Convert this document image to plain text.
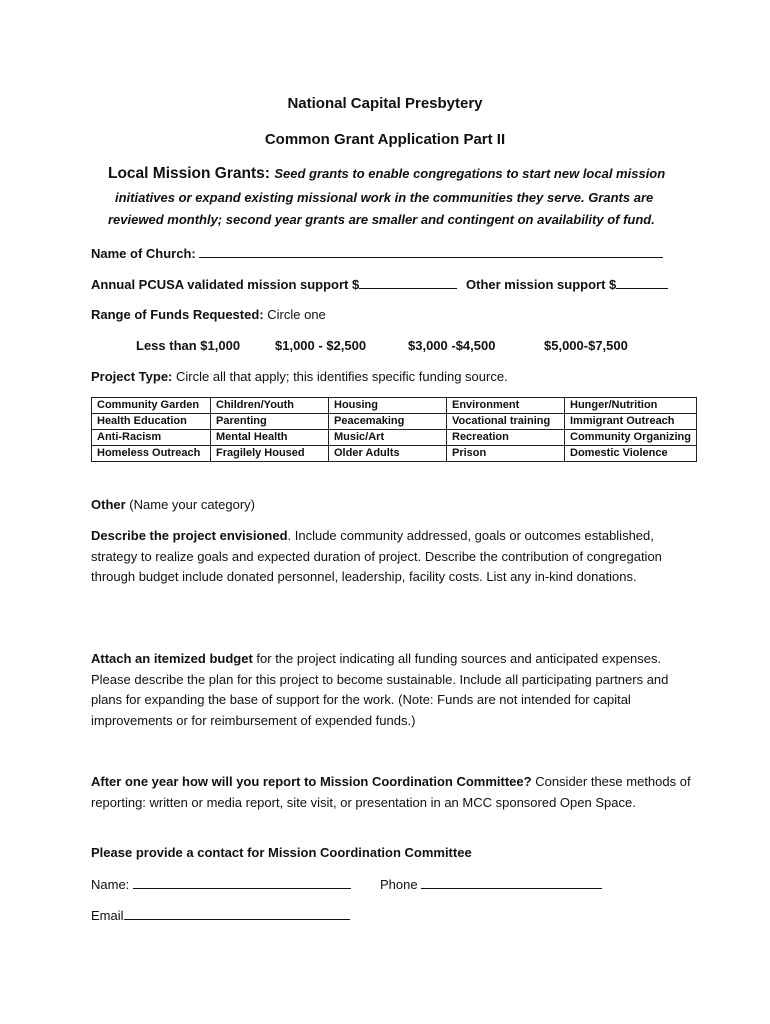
National Capital Presbytery
Common Grant Application Part II
Local Mission Grants: Seed grants to enable congregations to start new local mission
initiatives or expand existing missional work in the communities they serve. Grants are
reviewed monthly; second year grants are smaller and contingent on availability of fund.
Name of Church:
Annual PCUSA validated mission support $	Other mission support $
Range of Funds Requested: Circle one
Less than $1,000	$1,000 - $2,500	$3,000 -$4,500	$5,000-$7,500
Project Type: Circle all that apply; this identifies specific funding source.
Community Garden	Children/Youth	Housing	Environment	Hunger/Nutrition
Health Education	Parenting	Peacemaking	Vocational training	Immigrant Outreach
Anti-Racism	Mental Health	Music/Art	Recreation	Community Organizing
Homeless Outreach	Fragilely Housed	Older Adults	Prison	Domestic Violence
Other (Name your category)
Describe the project envisioned. Include community addressed, goals or outcomes established, strategy to realize goals and expected duration of project. Describe the contribution of congregation through budget include donated personnel, leadership, facility costs. List any in-kind donations.
Attach an itemized budget for the project indicating all funding sources and anticipated expenses. Please describe the plan for this project to become sustainable. Include all participating partners and plans for expanding the base of support for the work. (Note: Funds are not intended for capital improvements or for reimbursement of expended funds.)
After one year how will you report to Mission Coordination Committee? Consider these methods of reporting: written or media report, site visit, or presentation in an MCC sponsored Open Space.
Please provide a contact for Mission Coordination Committee
Name:	Phone
Email
